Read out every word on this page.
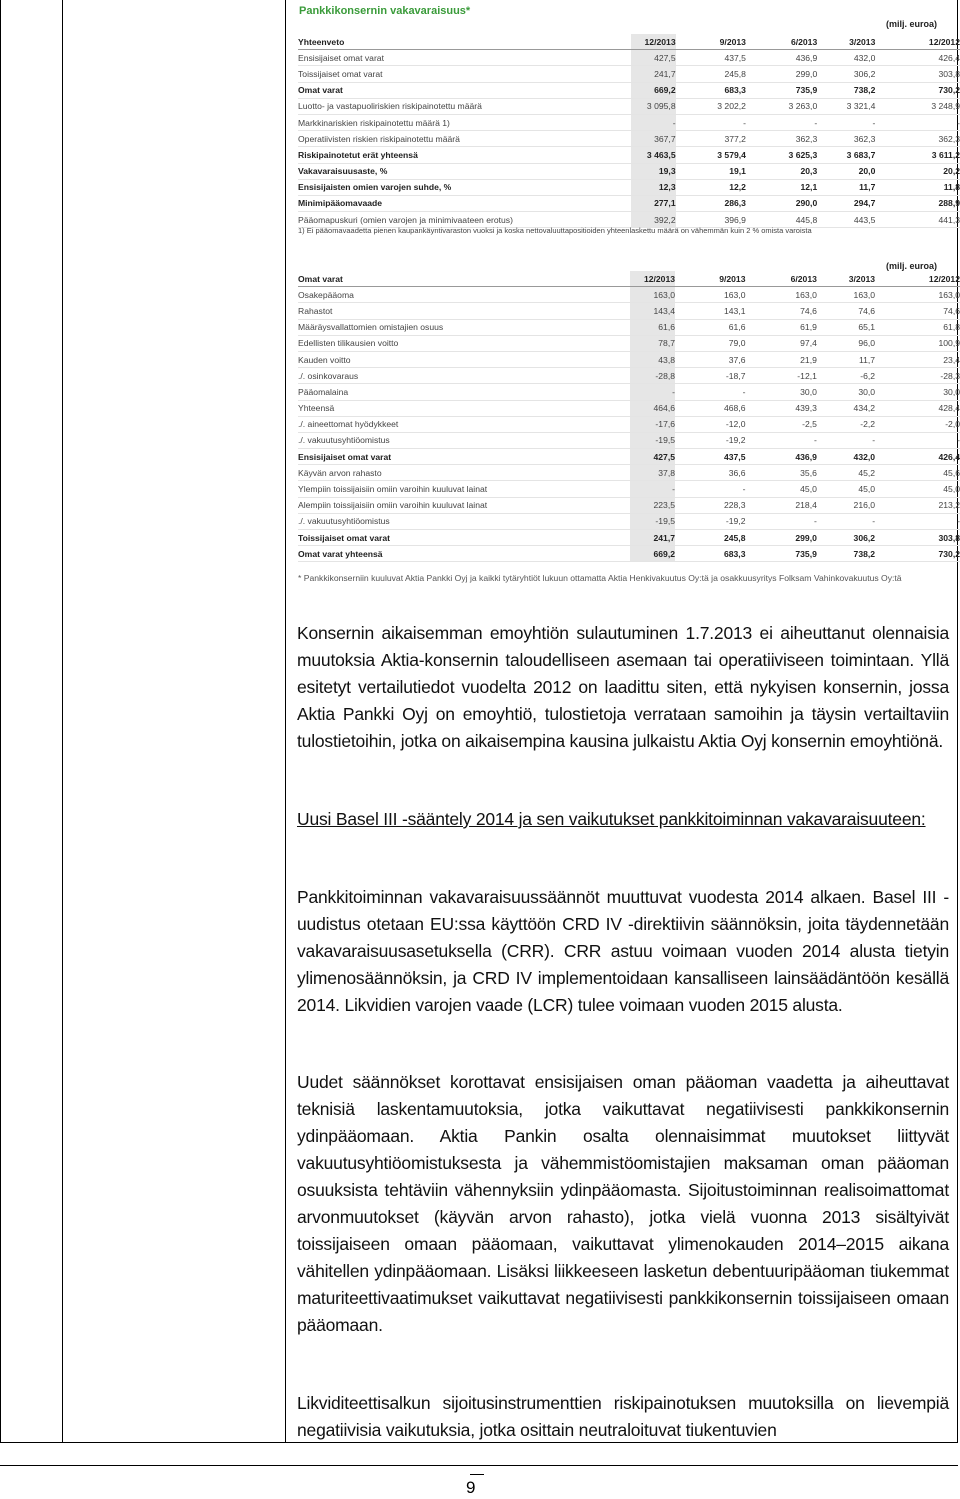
Pankkikonsernin vakavaraisuus*
(milj. euroa)
Yhteenveto	12/2013	9/2013	6/2013	3/2013	12/2012
Ensisijaiset omat varat	427,5	437,5	436,9	432,0	426,4
Toissijaiset omat varat	241,7	245,8	299,0	306,2	303,8
Omat varat	669,2	683,3	735,9	738,2	730,2
Luotto- ja vastapuoliriskien riskipainotettu määrä	3 095,8	3 202,2	3 263,0	3 321,4	3 248,9
Markkinariskien riskipainotettu määrä 1)	-	-	-	-	-
Operatiivisten riskien riskipainotettu määrä	367,7	377,2	362,3	362,3	362,3
Riskipainotetut erät yhteensä	3 463,5	3 579,4	3 625,3	3 683,7	3 611,2
Vakavaraisuusaste, %	19,3	19,1	20,3	20,0	20,2
Ensisijaisten omien varojen suhde, %	12,3	12,2	12,1	11,7	11,8
Minimipääomavaade	277,1	286,3	290,0	294,7	288,9
Pääomapuskuri (omien varojen ja minimivaateen erotus)	392,2	396,9	445,8	443,5	441,3
1) Ei pääomavaadetta pienen kaupankäyntivaraston vuoksi ja koska nettovaluuttapositioiden yhteenlaskettu määrä on vähemmän kuin 2 % omista varoista
(milj. euroa)
Omat varat	12/2013	9/2013	6/2013	3/2013	12/2012
Osakepääoma	163,0	163,0	163,0	163,0	163,0
Rahastot	143,4	143,1	74,6	74,6	74,6
Määräysvallattomien omistajien osuus	61,6	61,6	61,9	65,1	61,8
Edellisten tilikausien voitto	78,7	79,0	97,4	96,0	100,9
Kauden voitto	43,8	37,6	21,9	11,7	23,4
./. osinkovaraus	-28,8	-18,7	-12,1	-6,2	-28,3
Pääomalaina	-	-	30,0	30,0	30,0
Yhteensä	464,6	468,6	439,3	434,2	428,4
./. aineettomat hyödykkeet	-17,6	-12,0	-2,5	-2,2	-2,0
./. vakuutusyhtiöomistus	-19,5	-19,2	-	-	-
Ensisijaiset omat varat	427,5	437,5	436,9	432,0	426,4
Käyvän arvon rahasto	37,8	36,6	35,6	45,2	45,6
Ylempiin toissijaisiin omiin varoihin kuuluvat lainat	-	-	45,0	45,0	45,0
Alempiin toissijaisiin omiin varoihin kuuluvat lainat	223,5	228,3	218,4	216,0	213,2
./. vakuutusyhtiöomistus	-19,5	-19,2	-	-	-
Toissijaiset omat varat	241,7	245,8	299,0	306,2	303,8
Omat varat yhteensä	669,2	683,3	735,9	738,2	730,2
* Pankkikonserniin kuuluvat Aktia Pankki Oyj ja kaikki tytäryhtiöt lukuun ottamatta Aktia Henkivakuutus Oy:tä ja osakkuusyritys Folksam Vahinkovakuutus Oy:tä
Konsernin aikaisemman emoyhtiön sulautuminen 1.7.2013 ei aiheuttanut olennaisia muutoksia Aktia-konsernin taloudelliseen asemaan tai operatiiviseen toimintaan. Yllä esitetyt vertailutiedot vuodelta 2012 on laadittu siten, että nykyisen konsernin, jossa Aktia Pankki Oyj on emoyhtiö, tulostietoja verrataan samoihin ja täysin vertailtaviin tulostietoihin, jotka on aikaisempina kausina julkaistu Aktia Oyj konsernin emoyhtiönä.
Uusi Basel III -sääntely 2014 ja sen vaikutukset pankkitoiminnan vakavaraisuuteen:
Pankkitoiminnan vakavaraisuussäännöt muuttuvat vuodesta 2014 alkaen. Basel III -uudistus otetaan EU:ssa käyttöön CRD IV -direktiivin säännöksin, joita täydennetään vakavaraisuusasetuksella (CRR). CRR astuu voimaan vuoden 2014 alusta tietyin ylimenosäännöksin, ja CRD IV implementoidaan kansalliseen lainsäädäntöön kesällä 2014. Likvidien varojen vaade (LCR) tulee voimaan vuoden 2015 alusta.
Uudet säännökset korottavat ensisijaisen oman pääoman vaadetta ja aiheuttavat teknisiä laskentamuutoksia, jotka vaikuttavat negatiivisesti pankkikonsernin ydinpääomaan. Aktia Pankin osalta olennaisimmat muutokset liittyvät vakuutusyhtiöomistuksesta ja vähemmistöomistajien maksaman oman pääoman osuuksista tehtäviin vähennyksiin ydinpääomasta. Sijoitustoiminnan realisoimattomat arvonmuutokset (käyvän arvon rahasto), jotka vielä vuonna 2013 sisältyivät toissijaiseen omaan pääomaan, vaikuttavat ylimenokauden 2014–2015 aikana vähitellen ydinpääomaan. Lisäksi liikkeeseen lasketun debentuuripääoman tiukemmat maturiteettivaatimukset vaikuttavat negatiivisesti pankkikonsernin toissijaiseen omaan pääomaan.
Likviditeettisalkun sijoitusinstrumenttien riskipainotuksen muutoksilla on lievempiä negatiivisia vaikutuksia, jotka osittain neutraloituvat tiukentuvien
9
